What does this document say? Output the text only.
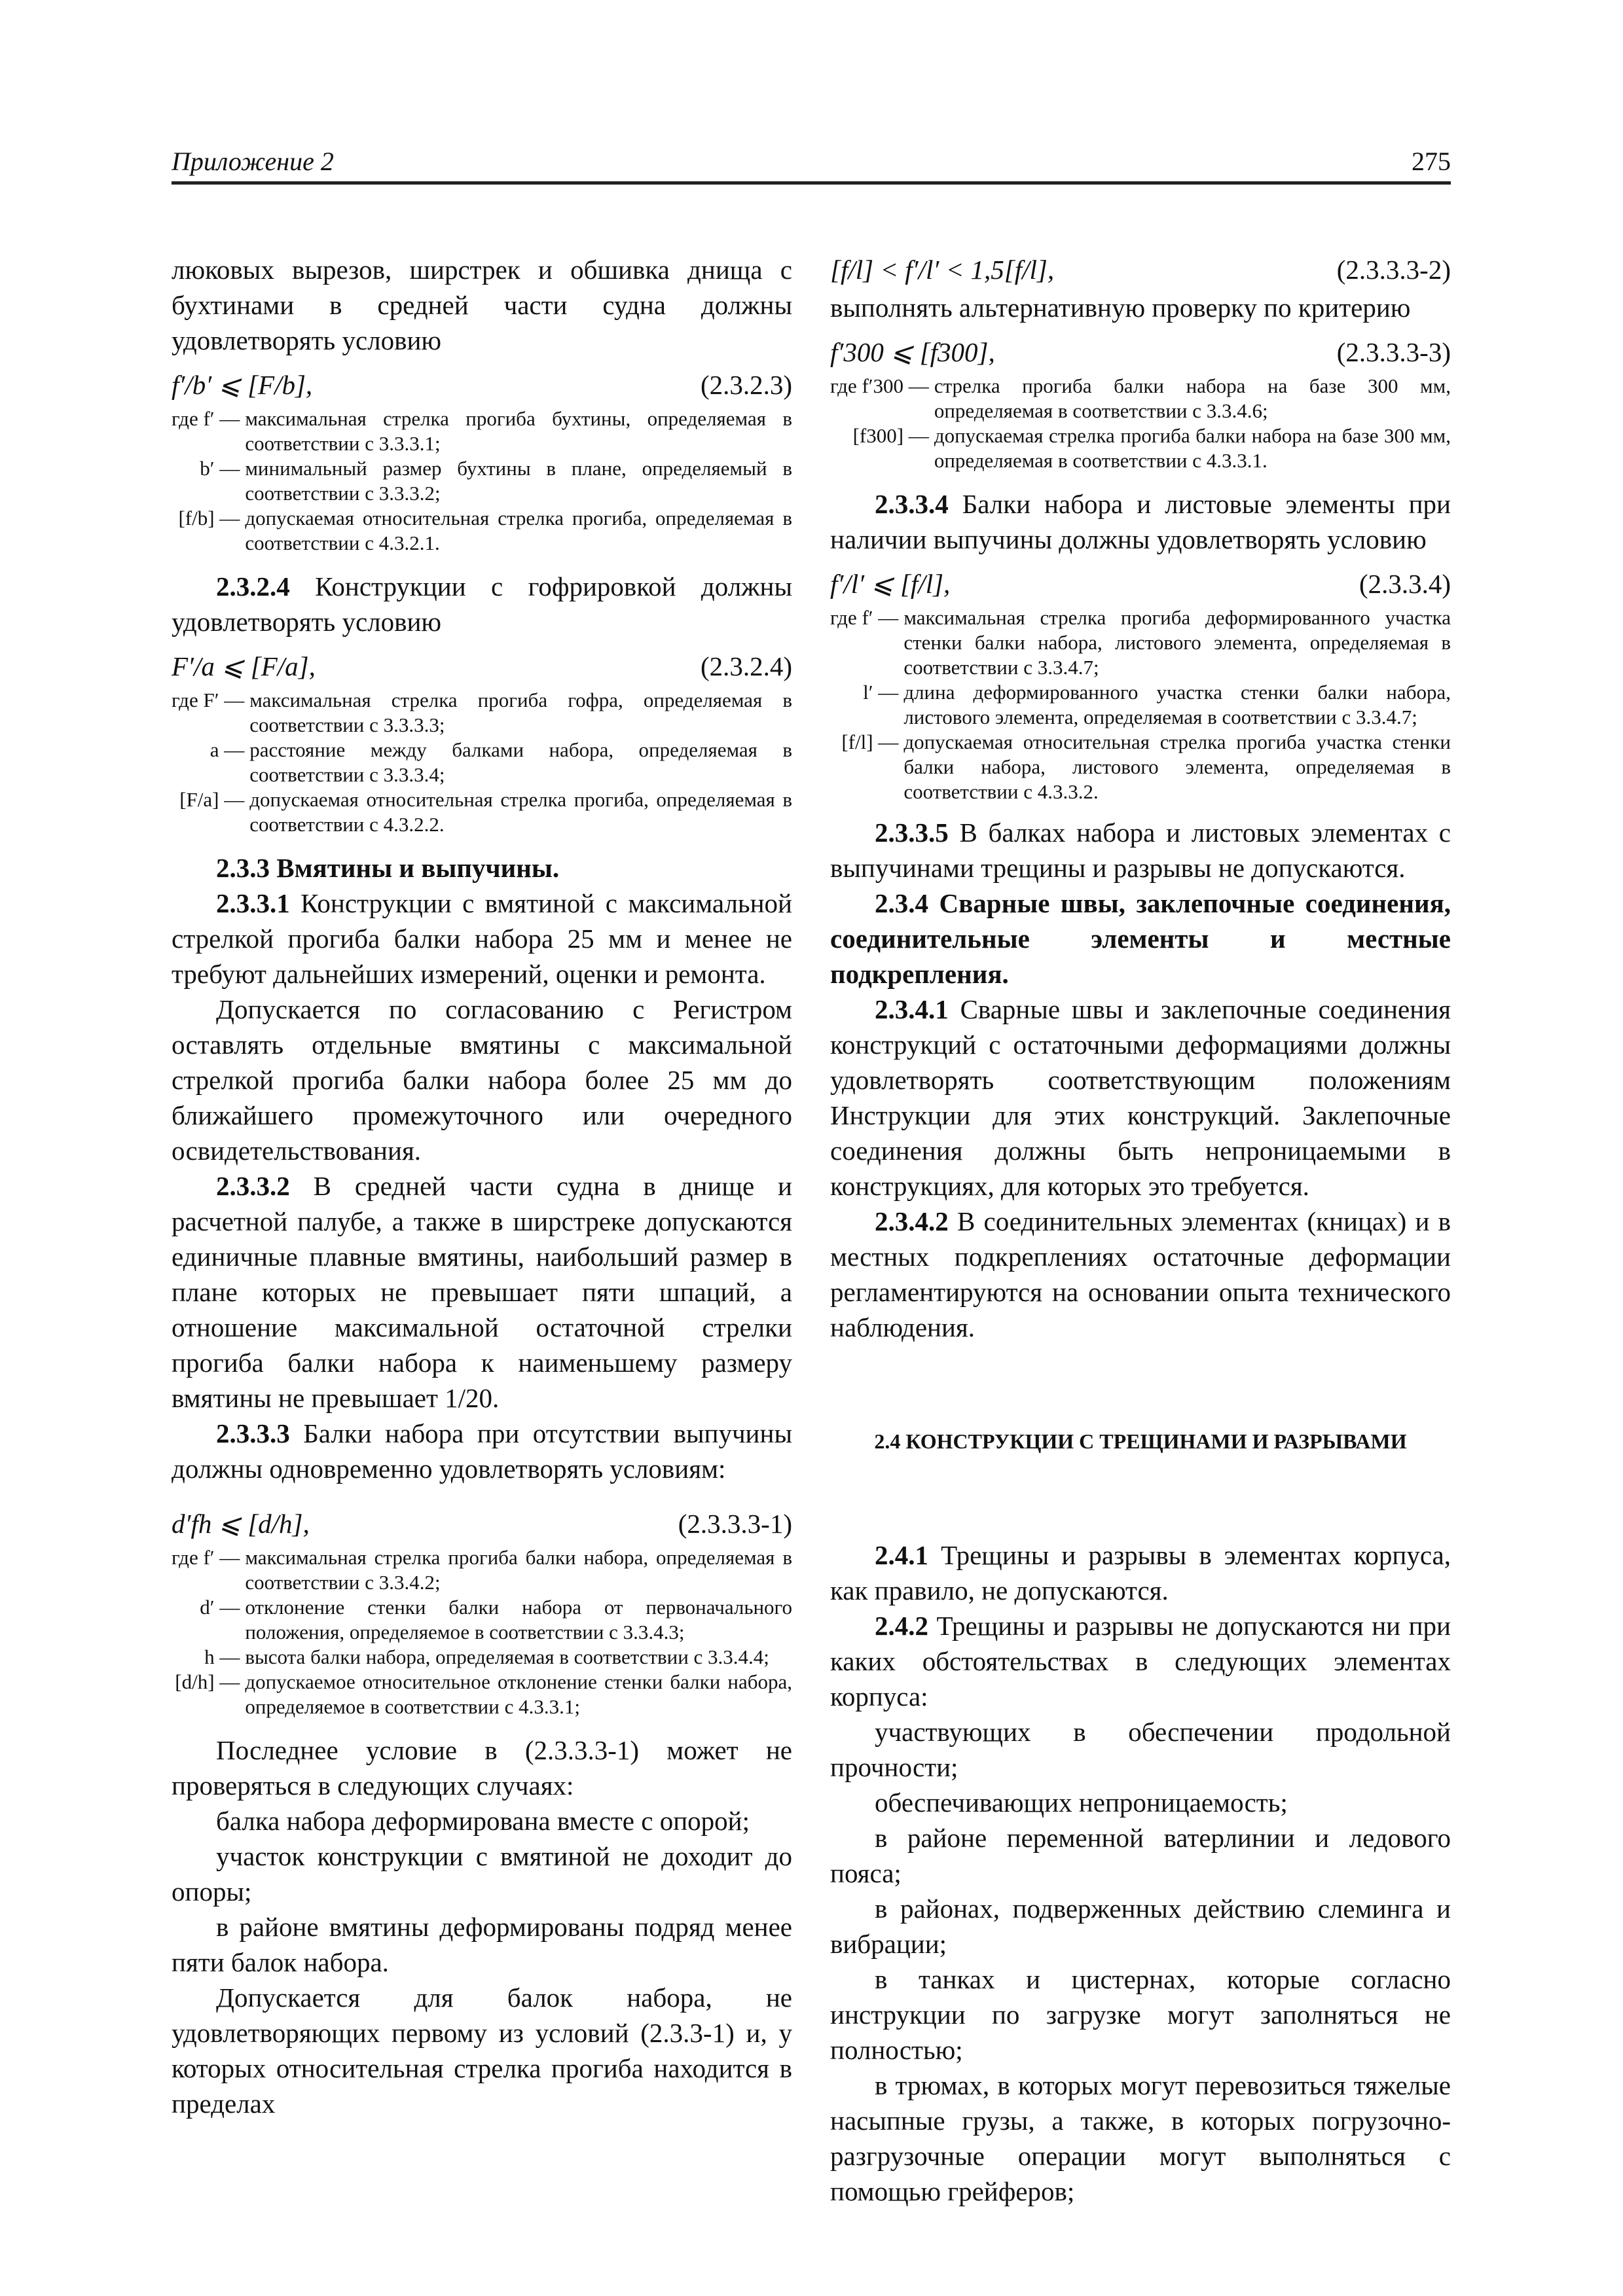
Приложение 2	275

люковых вырезов, ширстрек и обшивка днища с бухтинами в средней части судна должны удовлетворять условию

f′/b′ ⩽ [F/b],	(2.3.2.3)
где f′ —	максимальная стрелка прогиба бухтины, определяемая в соответствии с 3.3.3.1;
b′ —	минимальный размер бухтины в плане, определяемый в соответствии с 3.3.3.2;
[f/b] —	допускаемая относительная стрелка прогиба, определяемая в соответствии с 4.3.2.1.

2.3.2.4 Конструкции с гофрировкой должны удовлетворять условию

F′/a ⩽ [F/a],	(2.3.2.4)
где F′ —	максимальная стрелка прогиба гофра, определяемая в соответствии с 3.3.3.3;
a —	расстояние между балками набора, определяемая в соответствии с 3.3.3.4;
[F/a] —	допускаемая относительная стрелка прогиба, определяемая в соответствии с 4.3.2.2.

2.3.3 Вмятины и выпучины.

2.3.3.1 Конструкции с вмятиной с максимальной стрелкой прогиба балки набора 25 мм и менее не требуют дальнейших измерений, оценки и ремонта.

Допускается по согласованию с Регистром оставлять отдельные вмятины с максимальной стрелкой прогиба балки набора более 25 мм до ближайшего промежуточного или очередного освидетельствования.

2.3.3.2 В средней части судна в днище и расчетной палубе, а также в ширстреке допускаются единичные плавные вмятины, наибольший размер в плане которых не превышает пяти шпаций, а отношение максимальной остаточной стрелки прогиба балки набора к наименьшему размеру вмятины не превышает 1/20.

2.3.3.3 Балки набора при отсутствии выпучины должны одновременно удовлетворять условиям:

d′fh ⩽ [d/h],	(2.3.3.3-1)
где f′ —	максимальная стрелка прогиба балки набора, определяемая в соответствии с 3.3.4.2;
d′ —	отклонение стенки балки набора от первоначального положения, определяемое в соответствии с 3.3.4.3;
h —	высота балки набора, определяемая в соответствии с 3.3.4.4;
[d/h] —	допускаемое относительное отклонение стенки балки набора, определяемое в соответствии с 4.3.3.1;

Последнее условие в (2.3.3.3-1) может не проверяться в следующих случаях:

балка набора деформирована вместе с опорой;

участок конструкции с вмятиной не доходит до опоры;

в районе вмятины деформированы подряд менее пяти балок набора.

Допускается для балок набора, не удовлетворяющих первому из условий (2.3.3-1) и, у которых относительная стрелка прогиба находится в пределах

[f/l] < f′/l′ < 1,5[f/l],	(2.3.3.3-2)

выполнять альтернативную проверку по критерию

f′300 ⩽ [f300],	(2.3.3.3-3)
где f′300 —	стрелка прогиба балки набора на базе 300 мм, определяемая в соответствии с 3.3.4.6;
[f300] —	допускаемая стрелка прогиба балки набора на базе 300 мм, определяемая в соответствии с 4.3.3.1.

2.3.3.4 Балки набора и листовые элементы при наличии выпучины должны удовлетворять условию

f′/l′ ⩽ [f/l],	(2.3.3.4)
где f′ —	максимальная стрелка прогиба деформированного участка стенки балки набора, листового элемента, определяемая в соответствии с 3.3.4.7;
l′ —	длина деформированного участка стенки балки набора, листового элемента, определяемая в соответствии с 3.3.4.7;
[f/l] —	допускаемая относительная стрелка прогиба участка стенки балки набора, листового элемента, определяемая в соответствии с 4.3.3.2.

2.3.3.5 В балках набора и листовых элементах с выпучинами трещины и разрывы не допускаются.

2.3.4 Сварные швы, заклепочные соединения, соединительные элементы и местные подкрепления.

2.3.4.1 Сварные швы и заклепочные соединения конструкций с остаточными деформациями должны удовлетворять соответствующим положениям Инструкции для этих конструкций. Заклепочные соединения должны быть непроницаемыми в конструкциях, для которых это требуется.

2.3.4.2 В соединительных элементах (кницах) и в местных подкреплениях остаточные деформации регламентируются на основании опыта технического наблюдения.

2.4 КОНСТРУКЦИИ С ТРЕЩИНАМИ И РАЗРЫВАМИ

2.4.1 Трещины и разрывы в элементах корпуса, как правило, не допускаются.

2.4.2 Трещины и разрывы не допускаются ни при каких обстоятельствах в следующих элементах корпуса:

участвующих в обеспечении продольной прочности;

обеспечивающих непроницаемость;

в районе переменной ватерлинии и ледового пояса;

в районах, подверженных действию слеминга и вибрации;

в танках и цистернах, которые согласно инструкции по загрузке могут заполняться не полностью;

в трюмах, в которых могут перевозиться тяжелые насыпные грузы, а также, в которых погрузочно-разгрузочные операции могут выполняться с помощью грейферов;
